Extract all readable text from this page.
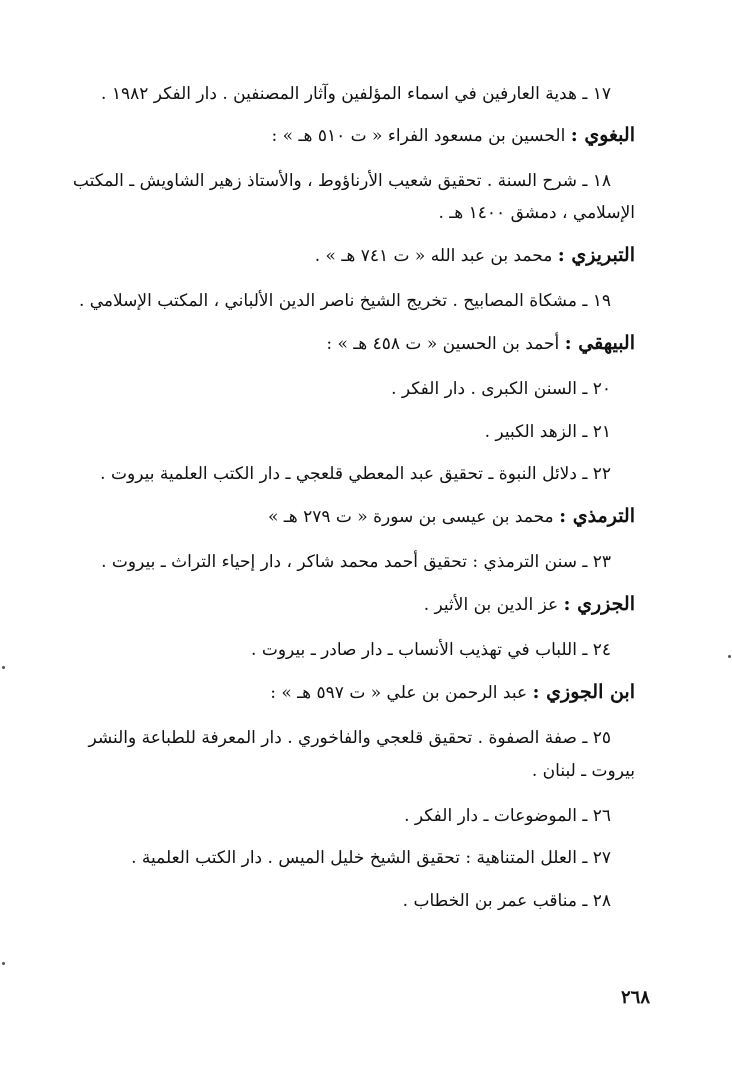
١٧ ـ هدية العارفين في اسماء المؤلفين وآثار المصنفين . دار الفكر ١٩٨٢ .
البغوي : الحسين بن مسعود الفراء « ت ٥١٠ هـ » :
١٨ ـ شرح السنة . تحقيق شعيب الأرناؤوط ، والأستاذ زهير الشاويش ـ المكتب
الإسلامي ، دمشق ١٤٠٠ هـ .
التبريزي : محمد بن عبد الله « ت ٧٤١ هـ » .
١٩ ـ مشكاة المصابيح . تخريج الشيخ ناصر الدين الألباني ، المكتب الإسلامي .
البيهقي : أحمد بن الحسين « ت ٤٥٨ هـ » :
٢٠ ـ السنن الكبرى . دار الفكر .
٢١ ـ الزهد الكبير .
٢٢ ـ دلائل النبوة ـ تحقيق عبد المعطي قلعجي ـ دار الكتب العلمية بيروت .
الترمذي : محمد بن عيسى بن سورة « ت ٢٧٩ هـ »
٢٣ ـ سنن الترمذي : تحقيق أحمد محمد شاكر ، دار إحياء التراث ـ بيروت .
الجزري : عز الدين بن الأثير .
٢٤ ـ اللباب في تهذيب الأنساب ـ دار صادر ـ بيروت .
ابن الجوزي : عبد الرحمن بن علي « ت ٥٩٧ هـ » :
٢٥ ـ صفة الصفوة . تحقيق قلعجي والفاخوري . دار المعرفة للطباعة والنشر
بيروت ـ لبنان .
٢٦ ـ الموضوعات ـ دار الفكر .
٢٧ ـ العلل المتناهية : تحقيق الشيخ خليل الميس . دار الكتب العلمية .
٢٨ ـ مناقب عمر بن الخطاب .
٢٦٨
